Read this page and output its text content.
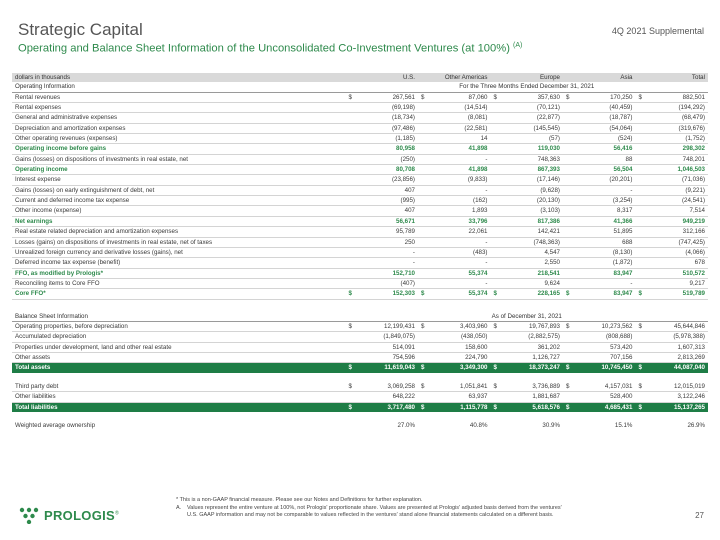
Strategic Capital
Operating and Balance Sheet Information of the Unconsolidated Co-Investment Ventures (at 100%) $^{(A)}$
4Q 2021 Supplemental
dollars in thousands		U.S.		Other Americas		Europe		Asia		Total
Operating Information	For the Three Months Ended December 31, 2021									
Rental revenues	$	267,561	$	87,060	$	357,630	$	170,250	$	882,501
Rental expenses		(69,198)		(14,514)		(70,121)		(40,459)		(194,292)
General and administrative expenses		(18,734)		(8,081)		(22,877)		(18,787)		(68,479)
Depreciation and amortization expenses		(97,486)		(22,581)		(145,545)		(54,064)		(319,676)
Other operating revenues (expenses)		(1,185)		14		(57)		(524)		(1,752)
Operating income before gains		80,958		41,898		119,030		56,416		298,302
Gains (losses) on dispositions of investments in real estate, net		(250)		-		748,363		88		748,201
Operating income		80,708		41,898		867,393		56,504		1,046,503
Interest expense		(23,856)		(9,833)		(17,146)		(20,201)		(71,036)
Gains (losses) on early extinguishment of debt, net		407		-		(9,628)		-		(9,221)
Current and deferred income tax expense		(995)		(162)		(20,130)		(3,254)		(24,541)
Other income (expense)		407		1,893		(3,103)		8,317		7,514
Net earnings		56,671		33,796		817,386		41,366		949,219
Real estate related depreciation and amortization expenses		95,789		22,061		142,421		51,895		312,166
Losses (gains) on dispositions of investments in real estate, net of taxes		250		-		(748,363)		688		(747,425)
Unrealized foreign currency and derivative losses (gains), net		-		(483)		4,547		(8,130)		(4,066)
Deferred income tax expense (benefit)		-		-		2,550		(1,872)		678
FFO, as modified by Prologis*		152,710		55,374		218,541		83,947		510,572
Reconciling items to Core FFO		(407)		-		9,624		-		9,217
Core FFO*	$	152,303	$	55,374	$	228,165	$	83,947	$	519,789

Balance Sheet Information	As of December 31, 2021									
Operating properties, before depreciation	$	12,199,431	$	3,403,960	$	19,767,893	$	10,273,562	$	45,644,846
Accumulated depreciation		(1,849,075)		(438,050)		(2,882,575)		(808,688)		(5,978,388)
Properties under development, land and other real estate		514,091		158,600		361,202		573,420		1,607,313
Other assets		754,596		224,790		1,126,727		707,156		2,813,269
Total assets	$	11,619,043	$	3,349,300	$	18,373,247	$	10,745,450	$	44,087,040

Third party debt	$	3,069,258	$	1,051,841	$	3,736,889	$	4,157,031	$	12,015,019
Other liabilities		648,222		63,937		1,881,687		528,400		3,122,246
Total liabilities	$	3,717,480	$	1,115,778	$	5,618,576	$	4,685,431	$	15,137,265

Weighted average ownership		27.0%		40.8%		30.9%		15.1%		26.9%
* This is a non-GAAP financial measure. Please see our Notes and Definitions for further explanation.
A. Values represent the entire venture at 100%, not Prologis' proportionate share. Values are presented at Prologis' adjusted basis derived from the ventures'
U.S. GAAP information and may not be comparable to values reflected in the ventures' stand alone financial statements calculated on a different basis.
PROLOGIS®	27
